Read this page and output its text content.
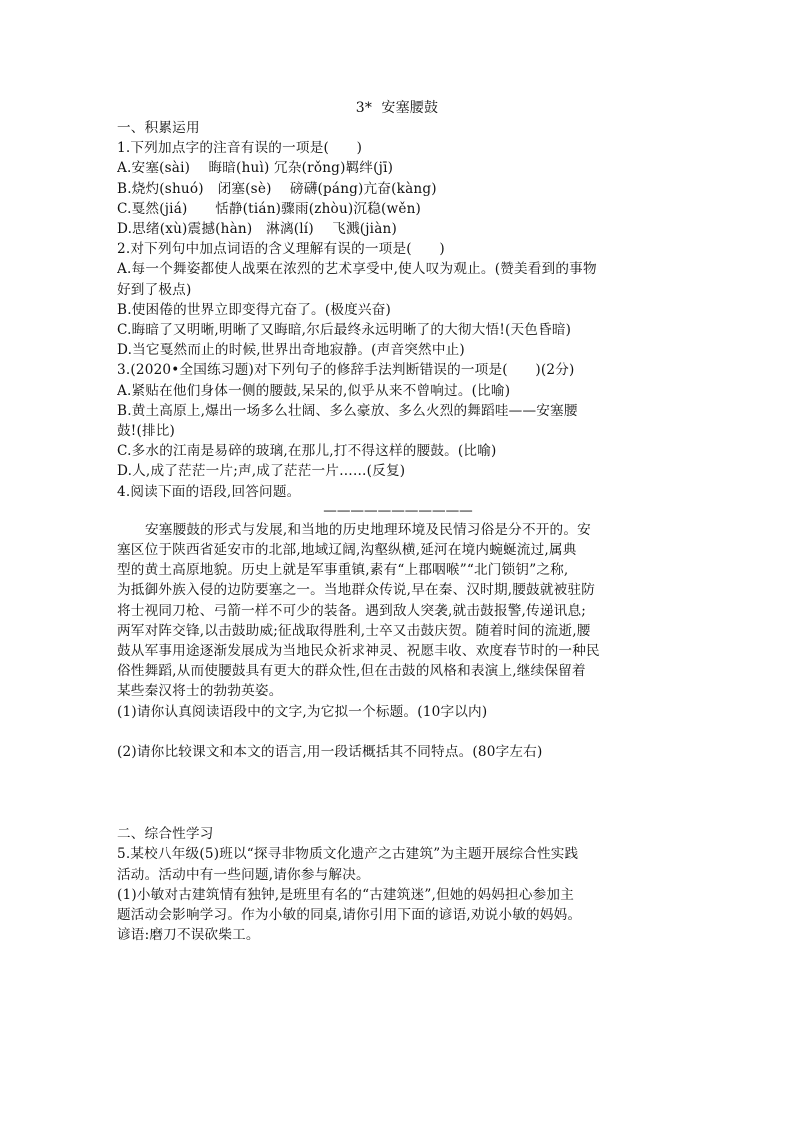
3*  安塞腰鼓
一、积累运用
1.下列加点字的注音有误的一项是(　　)
A.安塞(sài)　 晦暗(huì) 冗杂(rǒng)羁绊(jī)
B.烧灼(shuó)　闭塞(sè)　 磅礴(páng)亢奋(kàng)
C.戛然(jiá)　　恬静(tián)骤雨(zhòu)沉稳(wěn)
D.思绪(xù)震撼(hàn)　淋漓(lí)　 飞溅(jiàn)
2.对下列句中加点词语的含义理解有误的一项是(　　)
A.每一个舞姿都使人战栗在浓烈的艺术享受中,使人叹为观止。(赞美看到的事物
好到了极点)
B.使困倦的世界立即变得亢奋了。(极度兴奋)
C.晦暗了又明晰,明晰了又晦暗,尔后最终永远明晰了的大彻大悟!(天色昏暗)
D.当它戛然而止的时候,世界出奇地寂静。(声音突然中止)
3.(2020•全国练习题)对下列句子的修辞手法判断错误的一项是(　　)(2分)
A.紧贴在他们身体一侧的腰鼓,呆呆的,似乎从来不曾响过。(比喻)
B.黄土高原上,爆出一场多么壮阔、多么豪放、多么火烈的舞蹈哇——安塞腰
鼓!(排比)
C.多水的江南是易碎的玻璃,在那儿,打不得这样的腰鼓。(比喻)
D.人,成了茫茫一片;声,成了茫茫一片……(反复)
4.阅读下面的语段,回答问题。
———————————
安塞腰鼓的形式与发展,和当地的历史地理环境及民情习俗是分不开的。安
塞区位于陕西省延安市的北部,地域辽阔,沟壑纵横,延河在境内蜿蜒流过,属典
型的黄土高原地貌。历史上就是军事重镇,素有“上郡咽喉”“北门锁钥”之称,
为抵御外族入侵的边防要塞之一。当地群众传说,早在秦、汉时期,腰鼓就被驻防
将士视同刀枪、弓箭一样不可少的装备。遇到敌人突袭,就击鼓报警,传递讯息;
两军对阵交锋,以击鼓助威;征战取得胜利,士卒又击鼓庆贺。随着时间的流逝,腰
鼓从军事用途逐渐发展成为当地民众祈求神灵、祝愿丰收、欢度春节时的一种民
俗性舞蹈,从而使腰鼓具有更大的群众性,但在击鼓的风格和表演上,继续保留着
某些秦汉将士的勃勃英姿。
(1)请你认真阅读语段中的文字,为它拟一个标题。(10字以内)
(2)请你比较课文和本文的语言,用一段话概括其不同特点。(80字左右)
二、综合性学习
5.某校八年级(5)班以“探寻非物质文化遗产之古建筑”为主题开展综合性实践
活动。活动中有一些问题,请你参与解决。
(1)小敏对古建筑情有独钟,是班里有名的“古建筑迷”,但她的妈妈担心参加主
题活动会影响学习。作为小敏的同桌,请你引用下面的谚语,劝说小敏的妈妈。
谚语:磨刀不误砍柴工。
